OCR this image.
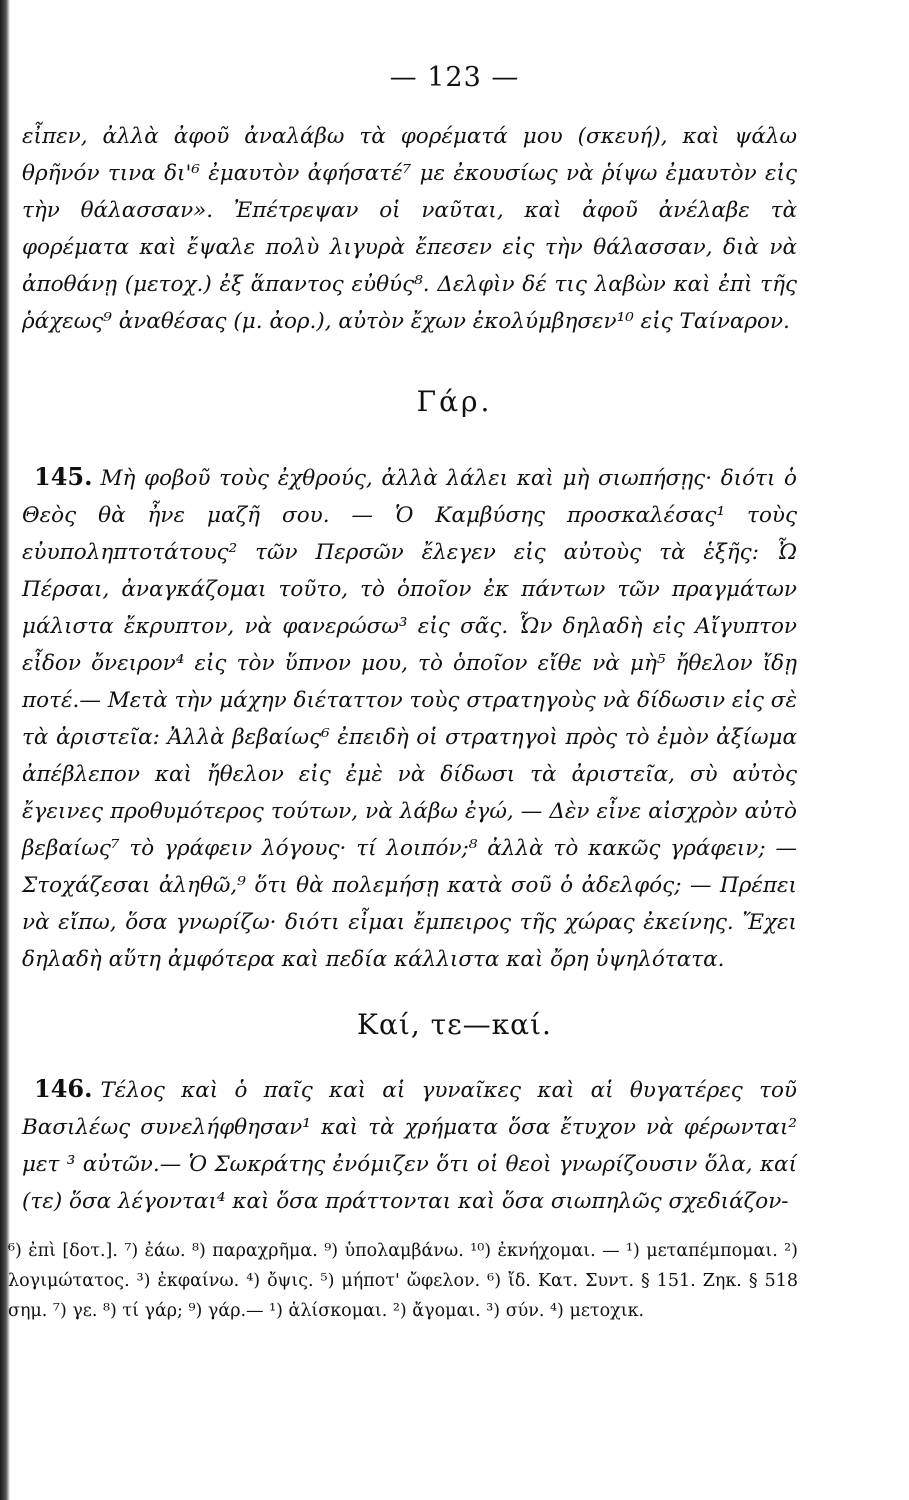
— 123 —
εἶπεν, ἀλλὰ ἀφοῦ ἀναλάβω τὰ φορέματά μου (σκευή), καὶ ψάλω θρῆνόν τινα δι'⁶ ἐμαυτὸν ἀφήσατέ⁷ με ἐκουσίως νὰ ῥίψω ἐμαυτὸν εἰς τὴν θάλασσαν». Ἐπέτρεψαν οἱ ναῦται, καὶ ἀφοῦ ἀνέλαβε τὰ φορέματα καὶ ἔψαλε πολὺ λιγυρὰ ἔπεσεν εἰς τὴν θάλασσαν, διὰ νὰ ἀποθάνῃ (μετοχ.) ἐξ ἅπαντος εὐθύς⁸. Δελφὶν δέ τις λαβὼν καὶ ἐπὶ τῆς ῥάχεως⁹ ἀναθέσας (μ. ἀορ.), αὐτὸν ἔχων ἐκολύμβησεν¹⁰ εἰς Ταίναρον.
Γάρ.
145. Μὴ φοβοῦ τοὺς ἐχθρούς, ἀλλὰ λάλει καὶ μὴ σιωπήσῃς· διότι ὁ Θεὸς θὰ ἦνε μαζῆ σου. — Ὁ Καμβύσης προσκαλέσας¹ τοὺς εὐυποληπτοτάτους² τῶν Περσῶν ἔλεγεν εἰς αὐτοὺς τὰ ἑξῆς: Ὦ Πέρσαι, ἀναγκάζομαι τοῦτο, τὸ ὁποῖον ἐκ πάντων τῶν πραγμάτων μάλιστα ἔκρυπτον, νὰ φανερώσω³ εἰς σᾶς. Ὧν δηλαδὴ εἰς Αἴγυπτον εἶδον ὄνειρον⁴ εἰς τὸν ὕπνον μου, τὸ ὁποῖον εἴθε νὰ μὴ⁵ ἤθελον ἴδῃ ποτέ.— Μετὰ τὴν μάχην διέταττον τοὺς στρατηγοὺς νὰ δίδωσιν εἰς σὲ τὰ ἀριστεῖα: Ἀλλὰ βεβαίως⁶ ἐπειδὴ οἱ στρατηγοὶ πρὸς τὸ ἐμὸν ἀξίωμα ἀπέβλεπον καὶ ἤθελον εἰς ἐμὲ νὰ δίδωσι τὰ ἀριστεῖα, σὺ αὐτὸς ἔγεινες προθυμότερος τούτων, νὰ λάβω ἐγώ, — Δὲν εἶνε αἰσχρὸν αὐτὸ βεβαίως⁷ τὸ γράφειν λόγους· τί λοιπόν;⁸ ἀλλὰ τὸ κακῶς γράφειν; — Στοχάζεσαι ἀληθῶ,⁹ ὅτι θὰ πολεμήσῃ κατὰ σοῦ ὁ ἀδελφός; — Πρέπει νὰ εἴπω, ὅσα γνωρίζω· διότι εἶμαι ἔμπειρος τῆς χώρας ἐκείνης. Ἔχει δηλαδὴ αὕτη ἀμφότερα καὶ πεδία κάλλιστα καὶ ὄρη ὑψηλότατα.
Καί, τε—καί.
146. Τέλος καὶ ὁ παῖς καὶ αἱ γυναῖκες καὶ αἱ θυγατέρες τοῦ Βασιλέως συνελήφθησαν¹ καὶ τὰ χρήματα ὅσα ἔτυχον νὰ φέρωνται² μετ ³ αὐτῶν.— Ὁ Σωκράτης ἐνόμιζεν ὅτι οἱ θεοὶ γνωρίζουσιν ὅλα, καί (τε) ὅσα λέγονται⁴ καὶ ὅσα πράττονται καὶ ὅσα σιωπηλῶς σχεδιάζον-
⁶) ἐπὶ [δοτ.]. ⁷) ἐάω. ⁸) παραχρῆμα. ⁹) ὑπολαμβάνω. ¹⁰) ἐκνήχομαι. — ¹) μεταπέμπομαι. ²) λογιμώτατος. ³) ἐκφαίνω. ⁴) ὄψις. ⁵) μήποτ' ὤφελον. ⁶) ἴδ. Κατ. Συντ. § 151. Ζηκ. § 518 σημ. ⁷) γε. ⁸) τί γάρ; ⁹) γάρ.— ¹) ἁλίσκομαι. ²) ἄγομαι. ³) σύν. ⁴) μετοχικ.
